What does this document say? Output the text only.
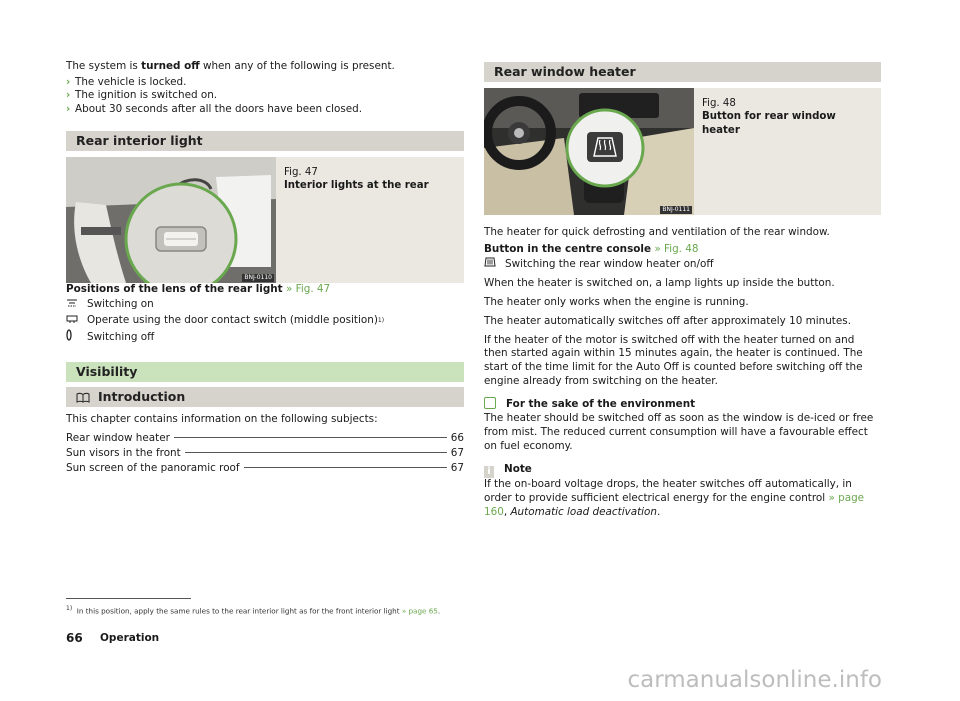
The system is turned off when any of the following is present.

› The vehicle is locked.
› The ignition is switched on.
› About 30 seconds after all the doors have been closed.
Rear interior light
BNJ-0110
Fig. 47
Interior lights at the rear

Positions of the lens of the rear light » Fig. 47

Switching on
Operate using the door contact switch (middle position) 1)
Switching off
Visibility
Introduction

This chapter contains information on the following subjects:

Rear window heater	66
Sun visors in the front	67
Sun screen of the panoramic roof	67
Rear window heater
BNJ-0111
Fig. 48
Button for rear window heater

The heater for quick defrosting and ventilation of the rear window.

Button in the centre console » Fig. 48

Switching the rear window heater on/off

When the heater is switched on, a lamp lights up inside the button.

The heater only works when the engine is running.

The heater automatically switches off after approximately 10 minutes.

If the heater of the motor is switched off with the heater turned on and then started again within 15 minutes again, the heater is continued. The start of the time limit for the Auto Off is counted before switching off the engine already from switching on the heater.

For the sake of the environment

The heater should be switched off as soon as the window is de-iced or free from mist. The reduced current consumption will have a favourable effect on fuel economy.

i Note

If the on-board voltage drops, the heater switches off automatically, in order to provide sufficient electrical energy for the engine control » page 160, Automatic load deactivation.

$^{1)}$ In this position, apply the same rules to the rear interior light as for the front interior light » page 65.
66 Operation
carmanualsonline.info
